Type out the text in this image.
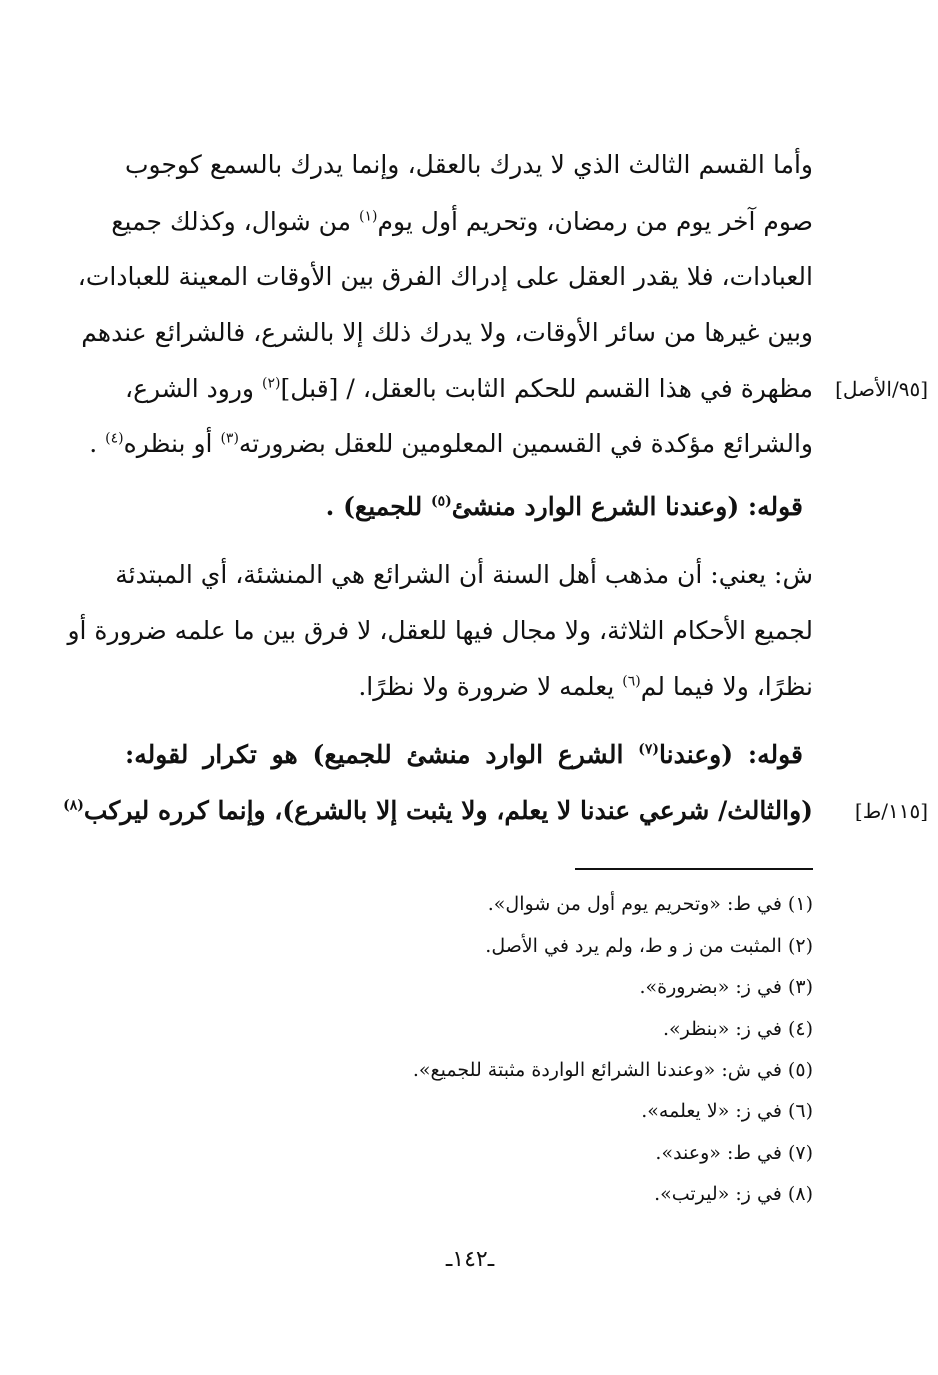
وأما القسم الثالث الذي لا يدرك بالعقل، وإنما يدرك بالسمع كوجوب
صوم آخر يوم من رمضان، وتحريم أول يوم$^{(١)}$ من شوال، وكذلك جميع
العبادات، فلا يقدر العقل على إدراك الفرق بين الأوقات المعينة للعبادات،
وبين غيرها من سائر الأوقات، ولا يدرك ذلك إلا بالشرع، فالشرائع عندهم
مظهرة في هذا القسم للحكم الثابت بالعقل، / [قبل]$^{(٢)}$ ورود الشرع،	[٩٥/الأصل]
والشرائع مؤكدة في القسمين المعلومين للعقل بضرورته$^{(٣)}$ أو بنظره$^{(٤)}$ .
قوله: (وعندنا الشرع الوارد منشئ$^{(٥)}$ للجميع) .
ش: يعني: أن مذهب أهل السنة أن الشرائع هي المنشئة، أي المبتدئة
لجميع الأحكام الثلاثة، ولا مجال فيها للعقل، لا فرق بين ما علمه ضرورة أو
نظرًا، ولا فيما لم$^{(٦)}$ يعلمه لا ضرورة ولا نظرًا.
قوله: (وعندنا$^{(٧)}$ الشرع الوارد منشئ للجميع) هو تكرار لقوله:
(والثالث/ شرعي عندنا لا يعلم، ولا يثبت إلا بالشرع)، وإنما كرره ليركب$^{(٨)}$	[١١٥/ط]
(١) في ط: «وتحريم يوم أول من شوال».
(٢) المثبت من ز و ط، ولم يرد في الأصل.
(٣) في ز: «بضرورة».
(٤) في ز: «بنظر».
(٥) في ش: «وعندنا الشرائع الواردة مثبتة للجميع».
(٦) في ز: «لا يعلمه».
(٧) في ط: «وعند».
(٨) في ز: «ليرتب».
ـ١٤٢ـ
